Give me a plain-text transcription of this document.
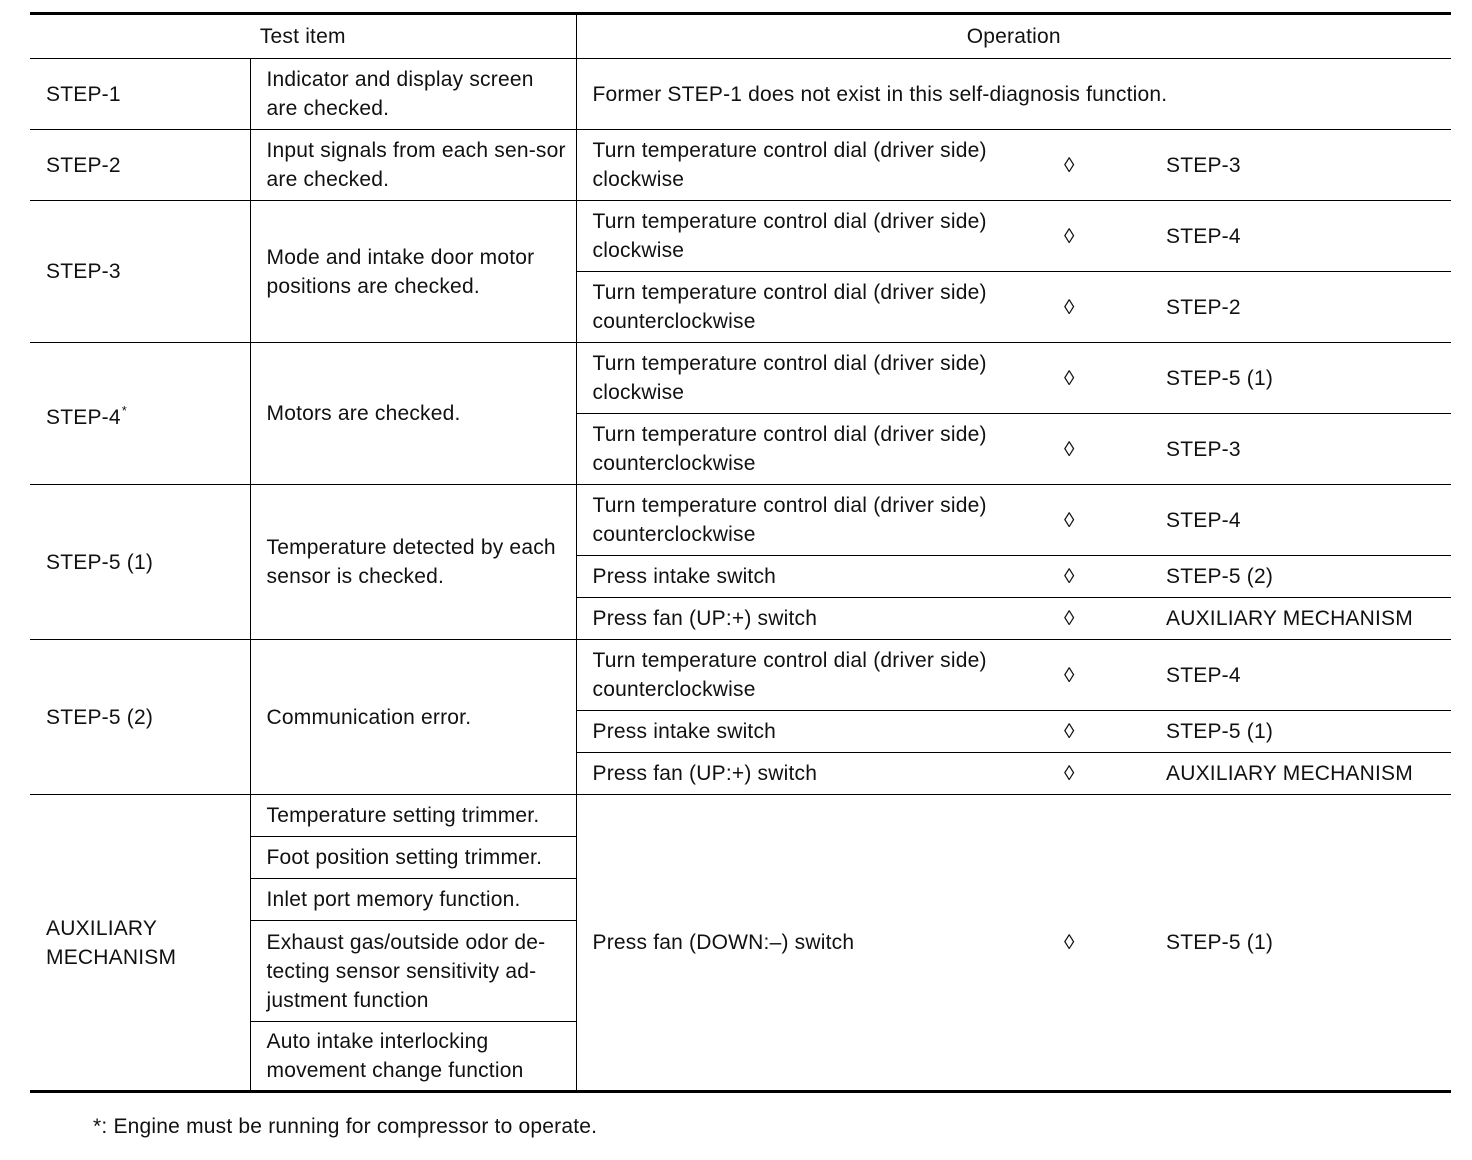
Test item		Operation		
STEP-1	Indicator and display screen are checked.	Former STEP-1 does not exist in this self-diagnosis function.		
STEP-2	Input signals from each sen-sor are checked.	Turn temperature control dial (driver side) clockwise	◊	STEP-3
STEP-3	Mode and intake door motor positions are checked.	Turn temperature control dial (driver side) clockwise	◊	STEP-4
		Turn temperature control dial (driver side) counterclockwise	◊	STEP-2
STEP-4*	Motors are checked.	Turn temperature control dial (driver side) clockwise	◊	STEP-5 (1)
		Turn temperature control dial (driver side) counterclockwise	◊	STEP-3
STEP-5 (1)	Temperature detected by each sensor is checked.	Turn temperature control dial (driver side) counterclockwise	◊	STEP-4
		Press intake switch	◊	STEP-5 (2)
		Press fan (UP:+) switch	◊	AUXILIARY MECHANISM
STEP-5 (2)	Communication error.	Turn temperature control dial (driver side) counterclockwise	◊	STEP-4
		Press intake switch	◊	STEP-5 (1)
		Press fan (UP:+) switch	◊	AUXILIARY MECHANISM
AUXILIARY MECHANISM	Temperature setting trimmer.	Press fan (DOWN:–) switch	◊	STEP-5 (1)
	Foot position setting trimmer.			
	Inlet port memory function.			
	Exhaust gas/outside odor de-tecting sensor sensitivity ad-justment function			
	Auto intake interlocking movement change function			
*: Engine must be running for compressor to operate.
